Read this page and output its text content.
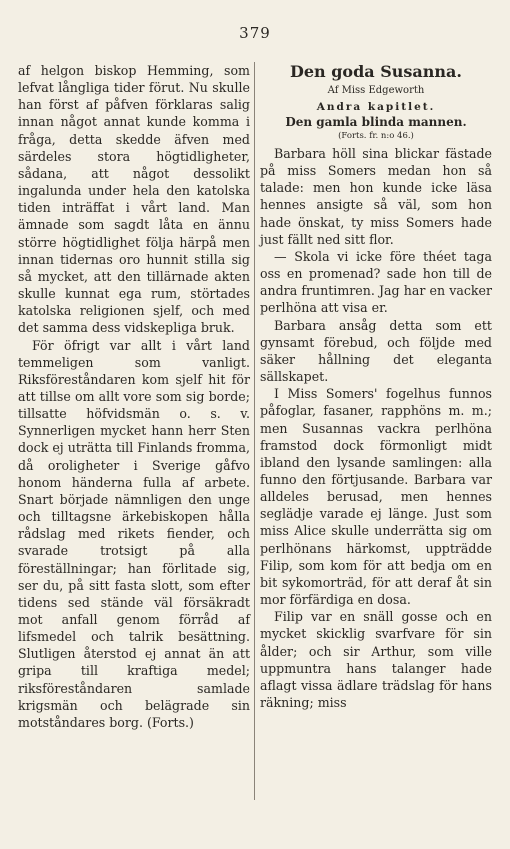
379

af helgon biskop Hemming, som lefvat långliga tider förut. Nu skulle han först af påfven förklaras salig innan något annat kunde komma i fråga, detta skedde äfven med särdeles stora högtidligheter, sådana, att något dessolikt ingalunda under hela den katolska tiden inträffat i vårt land. Man ämnade som sagdt låta en ännu större högtidlighet följa härpå men innan tidernas oro hunnit stilla sig så mycket, att den tillärnade akten skulle kunnat ega rum, störtades katolska religionen sjelf, och med det samma dess vidskepliga bruk.

För öfrigt var allt i vårt land temmeligen som vanligt. Riksföreståndaren kom sjelf hit för att tillse om allt vore som sig borde; tillsatte höfvidsmän o. s. v. Synnerligen mycket hann herr Sten dock ej uträtta till Finlands fromma, då oroligheter i Sverige gåfvo honom händerna fulla af arbete. Snart började nämnligen den unge och tilltagsne ärkebiskopen hålla rådslag med rikets fiender, och svarade trotsigt på alla föreställningar; han förlitade sig, ser du, på sitt fasta slott, som efter tidens sed stände väl försäkradt mot anfall genom förråd af lifsmedel och talrik besättning. Slutligen återstod ej annat än att gripa till kraftiga medel; riksföreståndaren samlade krigsmän och belägrade sin motståndares borg. (Forts.)

Den goda Susanna.
Af Miss Edgeworth
Andra kapitlet.
Den gamla blinda mannen.
(Forts. fr. n:o 46.)

Barbara höll sina blickar fästade på miss Somers medan hon så talade: men hon kunde icke läsa hennes ansigte så väl, som hon hade önskat, ty miss Somers hade just fällt ned sitt flor.

— Skola vi icke före théet taga oss en promenad? sade hon till de andra fruntimren. Jag har en vacker perlhöna att visa er.

Barbara ansåg detta som ett gynsamt förebud, och följde med säker hållning det eleganta sällskapet.

I Miss Somers' fogelhus funnos påfoglar, fasaner, rapphöns m. m.; men Susannas vackra perlhöna framstod dock förmonligt midt ibland den lysande samlingen: alla funno den förtjusande. Barbara var alldeles berusad, men hennes seglädje varade ej länge. Just som miss Alice skulle underrätta sig om perlhönans härkomst, uppträdde Filip, som kom för att bedja om en bit sykomorträd, för att deraf åt sin mor förfärdiga en dosa.

Filip var en snäll gosse och en mycket skicklig svarfvare för sin ålder; och sir Arthur, som ville uppmuntra hans talanger hade aflagt vissa ädlare trädslag för hans räkning; miss
